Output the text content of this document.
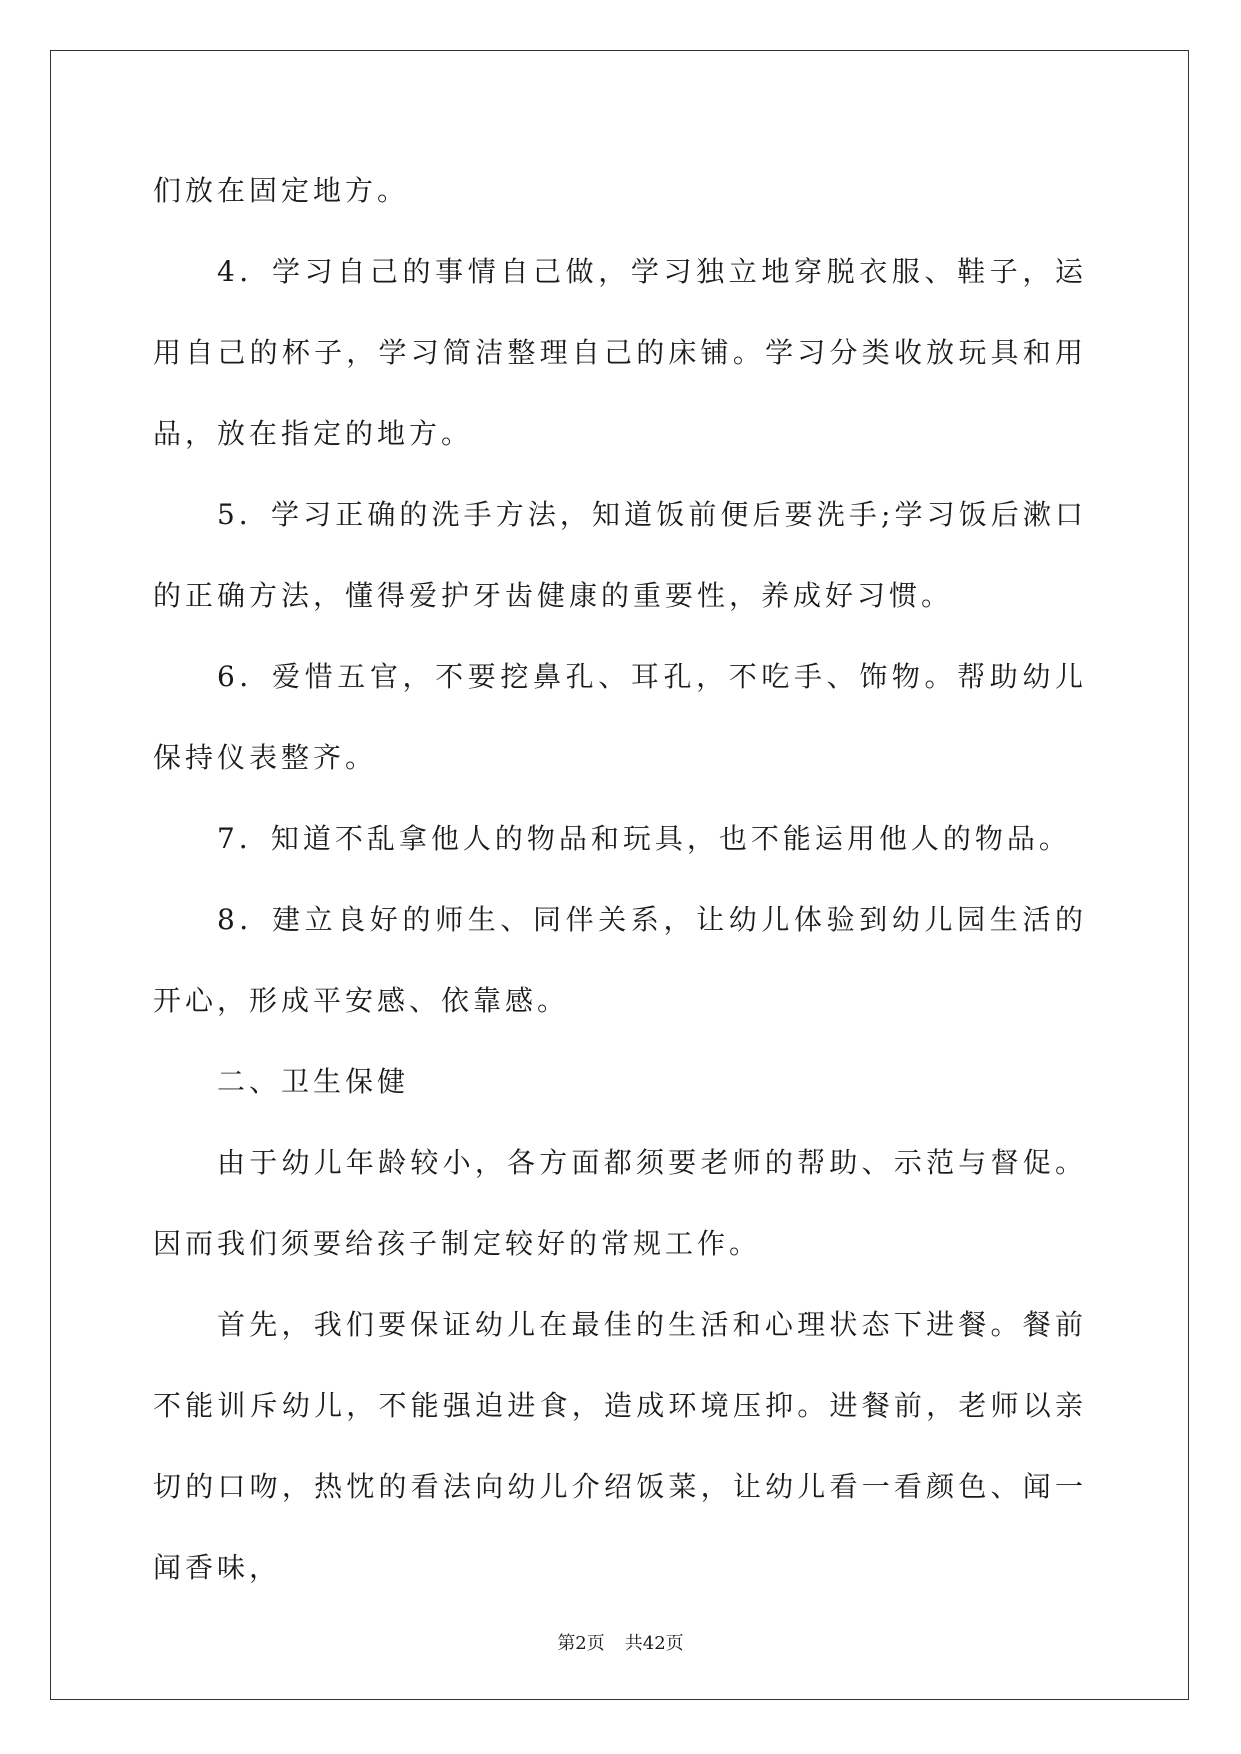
们放在固定地方。

4．学习自己的事情自己做，学习独立地穿脱衣服、鞋子，运用自己的杯子，学习简洁整理自己的床铺。学习分类收放玩具和用品，放在指定的地方。

5．学习正确的洗手方法，知道饭前便后要洗手;学习饭后漱口的正确方法，懂得爱护牙齿健康的重要性，养成好习惯。

6．爱惜五官，不要挖鼻孔、耳孔，不吃手、饰物。帮助幼儿保持仪表整齐。

7．知道不乱拿他人的物品和玩具，也不能运用他人的物品。

8．建立良好的师生、同伴关系，让幼儿体验到幼儿园生活的开心，形成平安感、依靠感。

二、卫生保健

由于幼儿年龄较小，各方面都须要老师的帮助、示范与督促。因而我们须要给孩子制定较好的常规工作。

首先，我们要保证幼儿在最佳的生活和心理状态下进餐。餐前不能训斥幼儿，不能强迫进食，造成环境压抑。进餐前，老师以亲切的口吻，热忱的看法向幼儿介绍饭菜，让幼儿看一看颜色、闻一闻香味，

第2页 共42页
